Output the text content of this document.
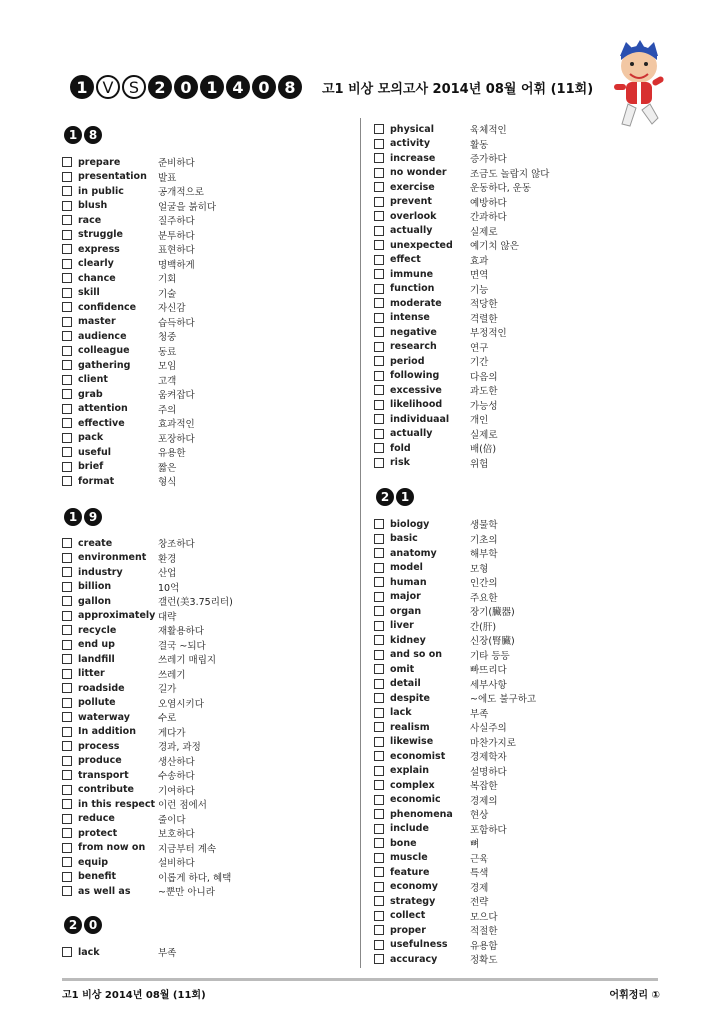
1 V S 2 0 1 4 0 8	고1 비상 모의고사 2014년 08월 어휘 (11회)
1 8
prepare	준비하다
presentation	발표
in public	공개적으로
blush	얼굴을 붉히다
race	질주하다
struggle	분투하다
express	표현하다
clearly	명백하게
chance	기회
skill	기술
confidence	자신감
master	습득하다
audience	청중
colleague	동료
gathering	모임
client	고객
grab	움켜잡다
attention	주의
effective	효과적인
pack	포장하다
useful	유용한
brief	짧은
format	형식
1 9
create	창조하다
environment	환경
industry	산업
billion	10억
gallon	갤런(美3.75리터)
approximately 대략
recycle	재활용하다
end up	결국 ~되다
landfill	쓰레기 매립지
litter	쓰레기
roadside	길가
pollute	오염시키다
waterway	수로
In addition	게다가
process	경과, 과정
produce	생산하다
transport	수송하다
contribute	기여하다
in this respect 이런 점에서
reduce	줄이다
protect	보호하다
from now on	지금부터 계속
equip	설비하다
benefit	이롭게 하다, 혜택
as well as	~뿐만 아니라
2 0
lack	부족
physical	육체적인
activity	활동
increase	증가하다
no wonder	조금도 놀랍지 않다
exercise	운동하다, 운동
prevent	예방하다
overlook	간과하다
actually	실제로
unexpected	예기치 않은
effect	효과
immune	면역
function	기능
moderate	적당한
intense	격렬한
negative	부정적인
research	연구
period	기간
following	다음의
excessive	과도한
likelihood	가능성
individuaal	개인
actually	실제로
fold	배(倍)
risk	위험
2 1
biology	생물학
basic	기초의
anatomy	해부학
model	모형
human	인간의
major	주요한
organ	장기(臟器)
liver	간(肝)
kidney	신장(腎臟)
and so on	기타 등등
omit	빠뜨리다
detail	세부사항
despite	~에도 불구하고
lack	부족
realism	사실주의
likewise	마찬가지로
economist	경제학자
explain	설명하다
complex	복잡한
economic	경제의
phenomena	현상
include	포함하다
bone	뼈
muscle	근육
feature	특색
economy	경제
strategy	전략
collect	모으다
proper	적절한
usefulness	유용함
accuracy	정확도
고1 비상 2014년 08월 (11회)	어휘정리 ①
